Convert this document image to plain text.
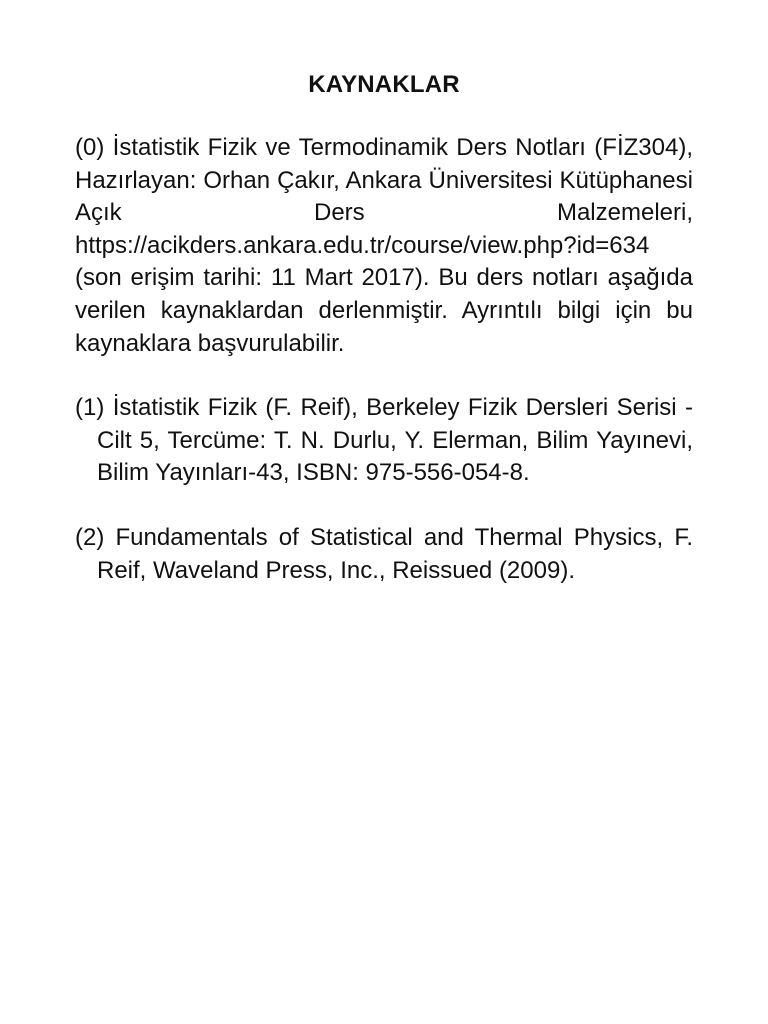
KAYNAKLAR

(0) İstatistik Fizik ve Termodinamik Ders Notları (FİZ304), Hazırlayan: Orhan Çakır, Ankara Üniversitesi Kütüphanesi Açık Ders Malzemeleri, https://acikders.ankara.edu.tr/course/view.php?id=634 (son erişim tarihi: 11 Mart 2017). Bu ders notları aşağıda verilen kaynaklardan derlenmiştir. Ayrıntılı bilgi için bu kaynaklara başvurulabilir.

(1) İstatistik Fizik (F. Reif), Berkeley Fizik Dersleri Serisi - Cilt 5, Tercüme: T. N. Durlu, Y. Elerman, Bilim Yayınevi, Bilim Yayınları-43, ISBN: 975-556-054-8.

(2) Fundamentals of Statistical and Thermal Physics, F. Reif, Waveland Press, Inc., Reissued (2009).
